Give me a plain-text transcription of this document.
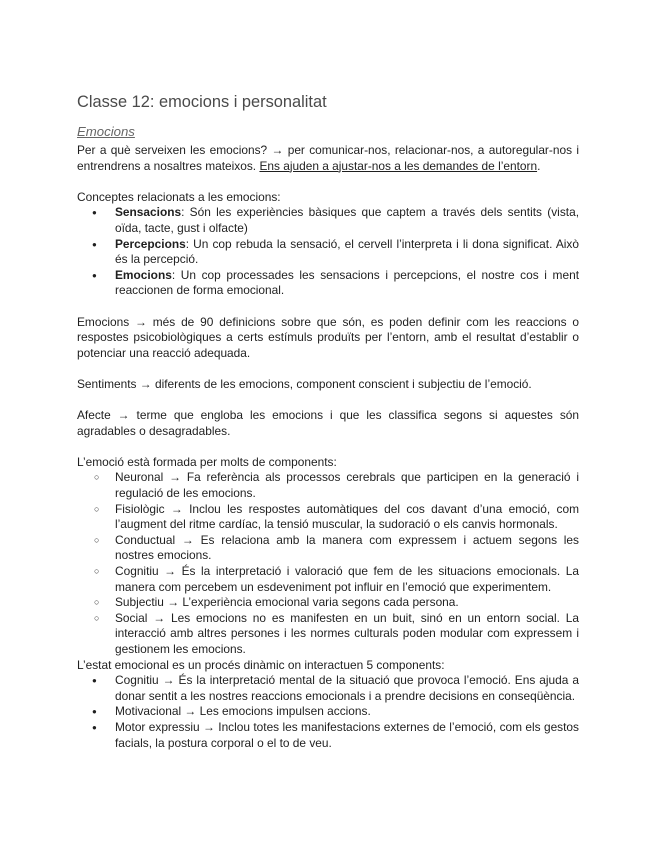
Classe 12: emocions i personalitat
Emocions

Per a què serveixen les emocions? → per comunicar-nos, relacionar-nos, a autoregular-nos i entrendrens a nosaltres mateixos. Ens ajuden a ajustar-nos a les demandes de l’entorn.

Conceptes relacionats a les emocions:

● Sensacions: Són les experiències bàsiques que captem a través dels sentits (vista, oïda, tacte, gust i olfacte)
● Percepcions: Un cop rebuda la sensació, el cervell l’interpreta i li dona significat. Això és la percepció.
● Emocions: Un cop processades les sensacions i percepcions, el nostre cos i ment reaccionen de forma emocional.

Emocions → més de 90 definicions sobre que són, es poden definir com les reaccions o respostes psicobiològiques a certs estímuls produïts per l’entorn, amb el resultat d’establir o potenciar una reacció adequada.

Sentiments → diferents de les emocions, component conscient i subjectiu de l’emoció.

Afecte → terme que engloba les emocions i que les classifica segons si aquestes són agradables o desagradables.

L’emoció està formada per molts de components:

○ Neuronal → Fa referència als processos cerebrals que participen en la generació i regulació de les emocions.
○ Fisiològic → Inclou les respostes automàtiques del cos davant d’una emoció, com l’augment del ritme cardíac, la tensió muscular, la sudoració o els canvis hormonals.
○ Conductual → Es relaciona amb la manera com expressem i actuem segons les nostres emocions.
○ Cognitiu → És la interpretació i valoració que fem de les situacions emocionals. La manera com percebem un esdeveniment pot influir en l’emoció que experimentem.
○ Subjectiu → L’experiència emocional varia segons cada persona.
○ Social → Les emocions no es manifesten en un buit, sinó en un entorn social. La interacció amb altres persones i les normes culturals poden modular com expressem i gestionem les emocions.

L’estat emocional es un procés dinàmic on interactuen 5 components:

● Cognitiu → És la interpretació mental de la situació que provoca l’emoció. Ens ajuda a donar sentit a les nostres reaccions emocionals i a prendre decisions en conseqüència.
● Motivacional → Les emocions impulsen accions.
● Motor expressiu → Inclou totes les manifestacions externes de l’emoció, com els gestos facials, la postura corporal o el to de veu.
